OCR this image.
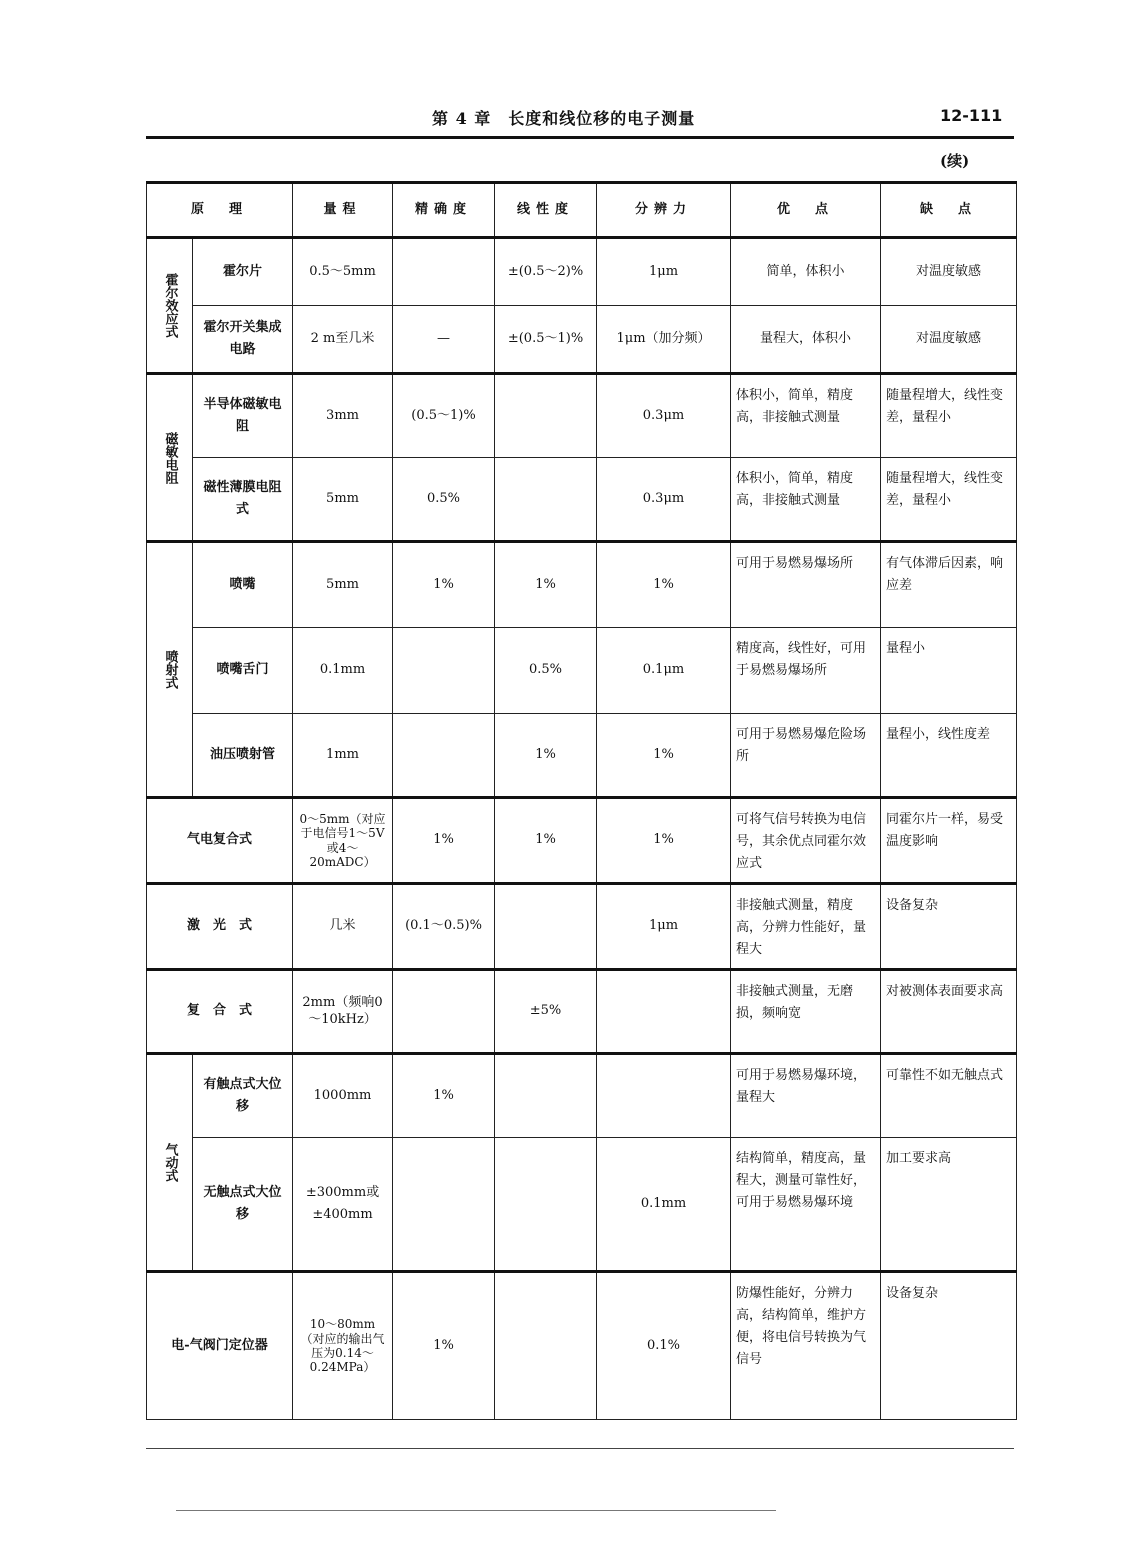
第 4 章　长度和线位移的电子测量	12-111
(续)
原　理		量程	精确度	线性度	分辨力	优　点	缺　点
霍尔效应式	霍尔片	0.5～5mm		±(0.5～2)%	1μm	简单，体积小	对温度敏感
	霍尔开关集成电路	2 m至几米	—	±(0.5～1)%	1μm（加分频）	量程大，体积小	对温度敏感
磁敏电阻	半导体磁敏电阻	3mm	(0.5～1)%		0.3μm	体积小，简单，精度高，非接触式测量	随量程增大，线性变差，量程小
	磁性薄膜电阻式	5mm	0.5%		0.3μm	体积小，简单，精度高，非接触式测量	随量程增大，线性变差，量程小
喷射式	喷嘴	5mm	1%	1%	1%	可用于易燃易爆场所	有气体滞后因素，响应差
	喷嘴舌门	0.1mm		0.5%	0.1μm	精度高，线性好，可用于易燃易爆场所	量程小
	油压喷射管	1mm		1%	1%	可用于易燃易爆危险场所	量程小，线性度差
气电复合式		0～5mm（对应于电信号1～5V或4～20mADC）	1%	1%	1%	可将气信号转换为电信号，其余优点同霍尔效应式	同霍尔片一样，易受温度影响
激　光　式		几米	(0.1～0.5)%		1μm	非接触式测量，精度高，分辨力性能好，量程大	设备复杂
复　合　式		2mm（频响0～10kHz）		±5%		非接触式测量，无磨损，频响宽	对被测体表面要求高
气动式	有触点式大位移	1000mm	1%			可用于易燃易爆环境，量程大	可靠性不如无触点式
	无触点式大位移	±300mm或±400mm			0.1mm	结构简单，精度高，量程大，测量可靠性好，可用于易燃易爆环境	加工要求高
电-气阀门定位器		10～80mm（对应的输出气压为0.14～0.24MPa）	1%		0.1%	防爆性能好，分辨力高，结构简单，维护方便，将电信号转换为气信号	设备复杂
